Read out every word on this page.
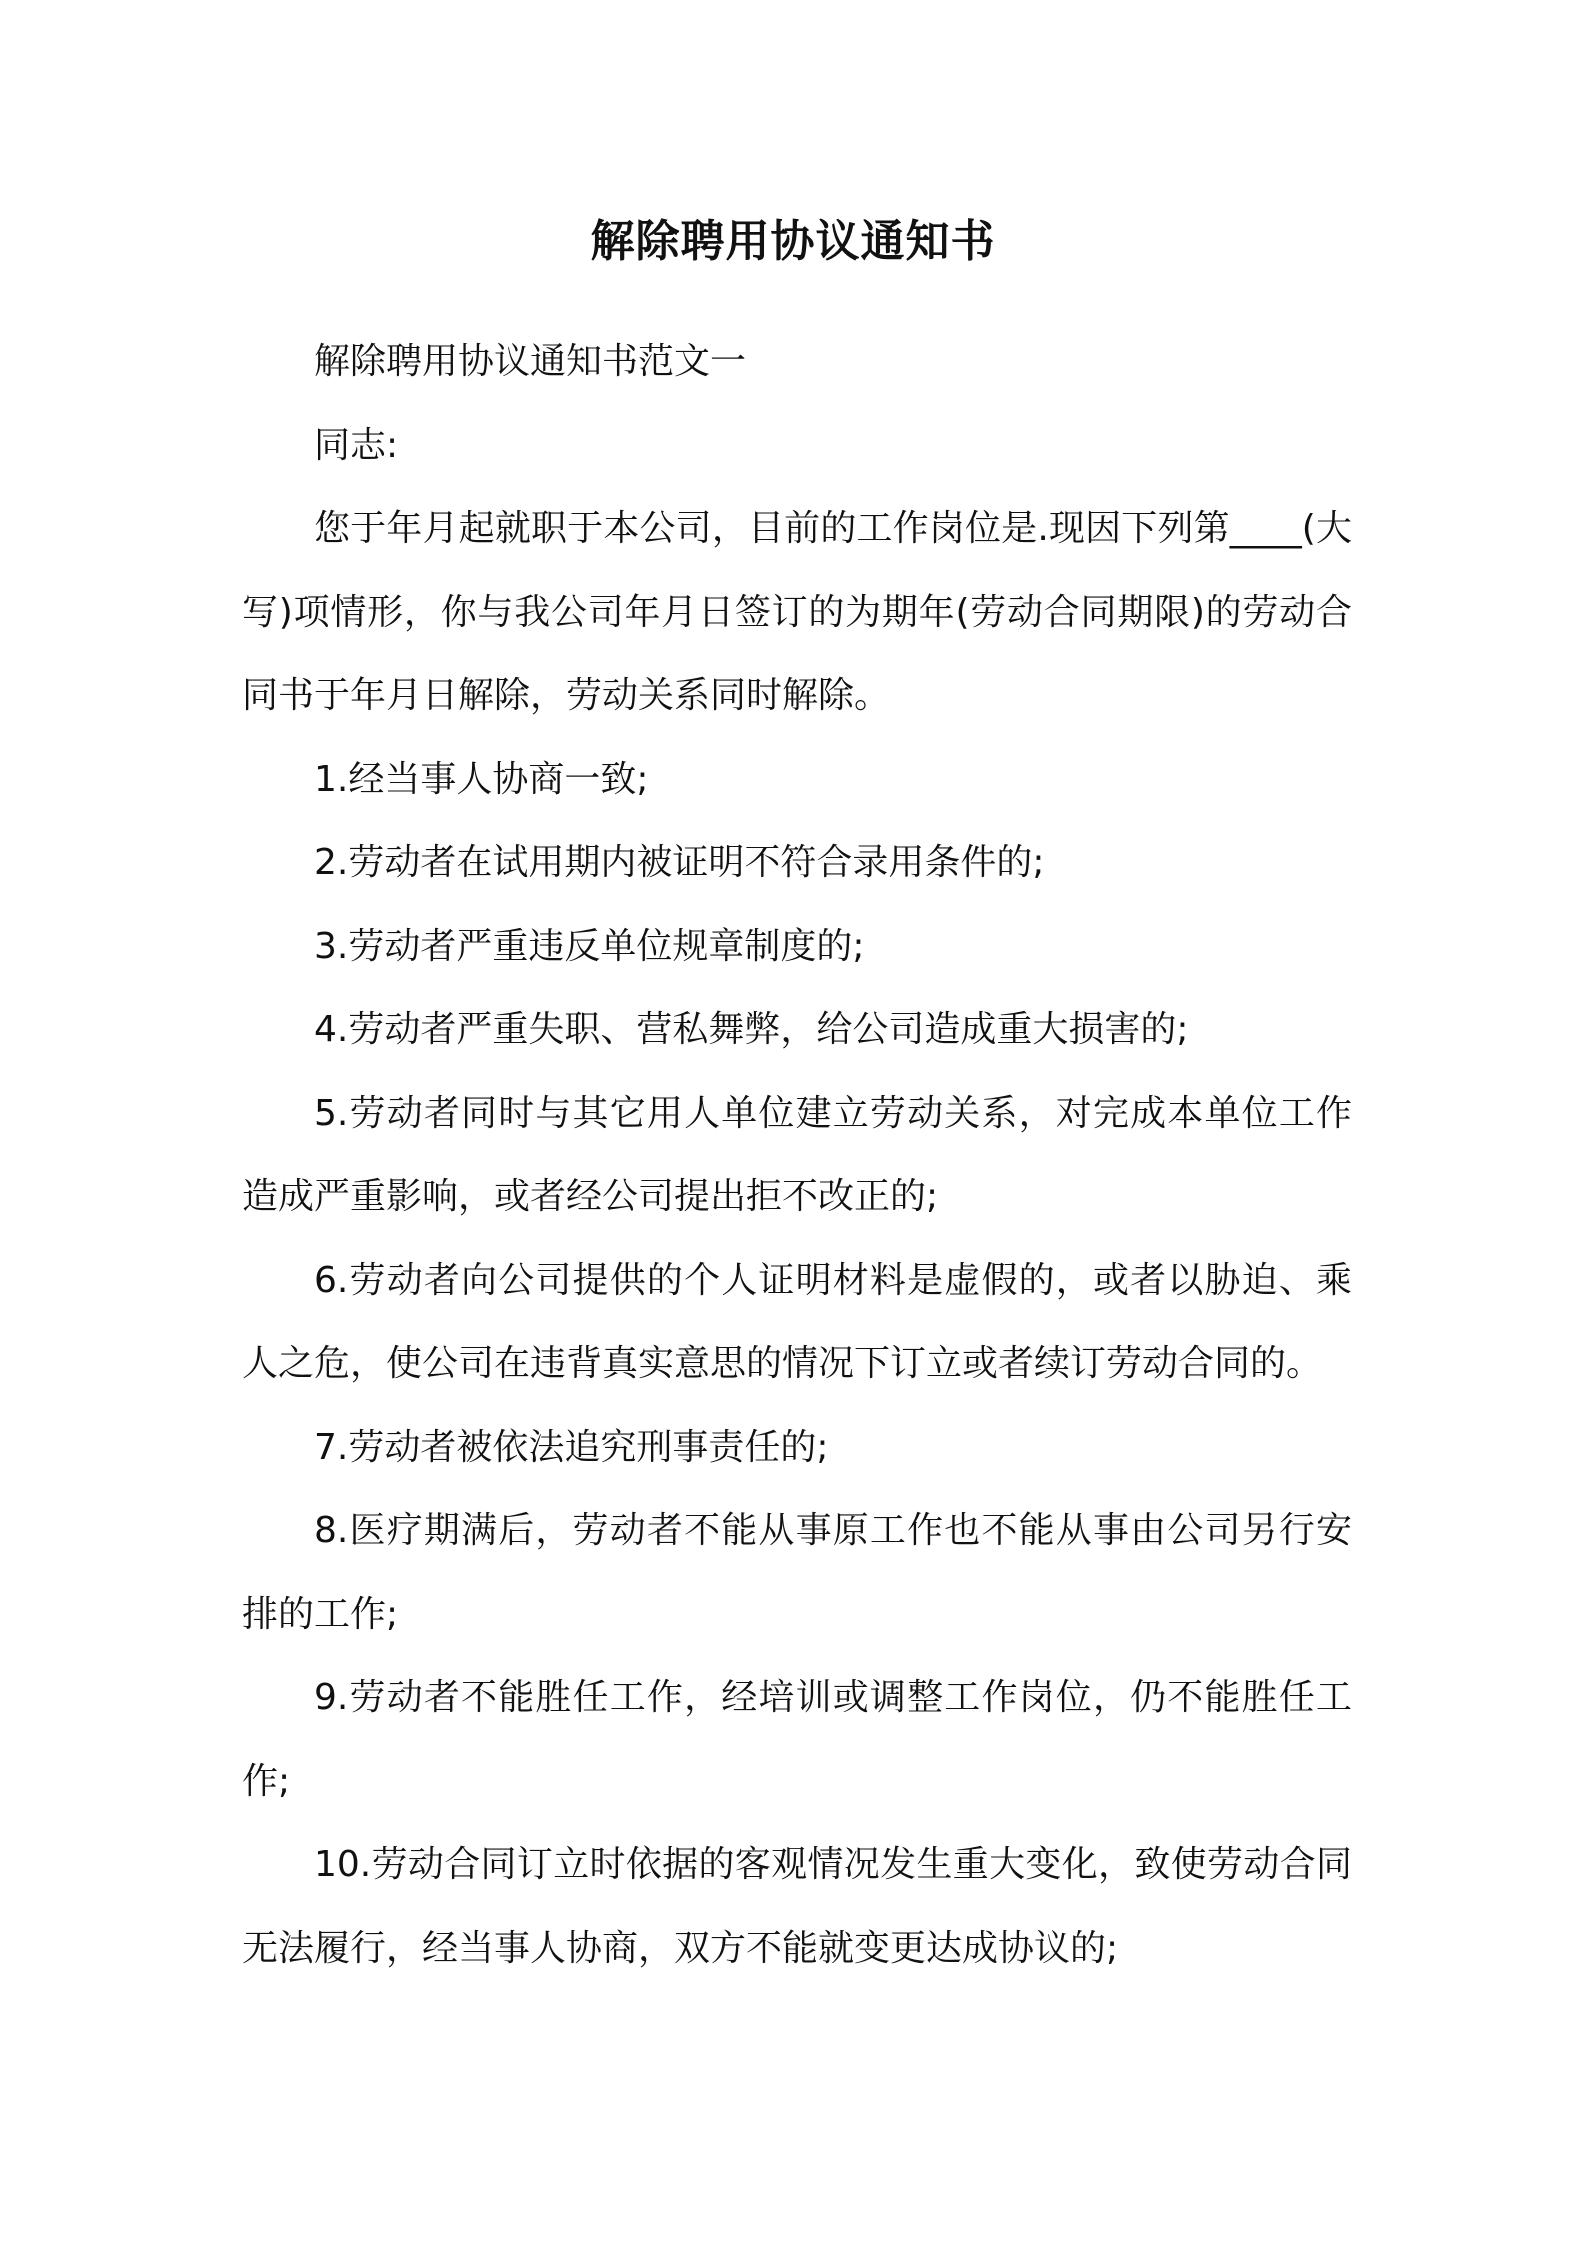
解除聘用协议通知书

解除聘用协议通知书范文一

同志:

您于年月起就职于本公司，目前的工作岗位是.现因下列第____(大写)项情形，你与我公司年月日签订的为期年(劳动合同期限)的劳动合同书于年月日解除，劳动关系同时解除。

1.经当事人协商一致;

2.劳动者在试用期内被证明不符合录用条件的;

3.劳动者严重违反单位规章制度的;

4.劳动者严重失职、营私舞弊，给公司造成重大损害的;

5.劳动者同时与其它用人单位建立劳动关系，对完成本单位工作造成严重影响，或者经公司提出拒不改正的;

6.劳动者向公司提供的个人证明材料是虚假的，或者以胁迫、乘人之危，使公司在违背真实意思的情况下订立或者续订劳动合同的。

7.劳动者被依法追究刑事责任的;

8.医疗期满后，劳动者不能从事原工作也不能从事由公司另行安排的工作;

9.劳动者不能胜任工作，经培训或调整工作岗位，仍不能胜任工作;

10.劳动合同订立时依据的客观情况发生重大变化，致使劳动合同无法履行，经当事人协商，双方不能就变更达成协议的;
